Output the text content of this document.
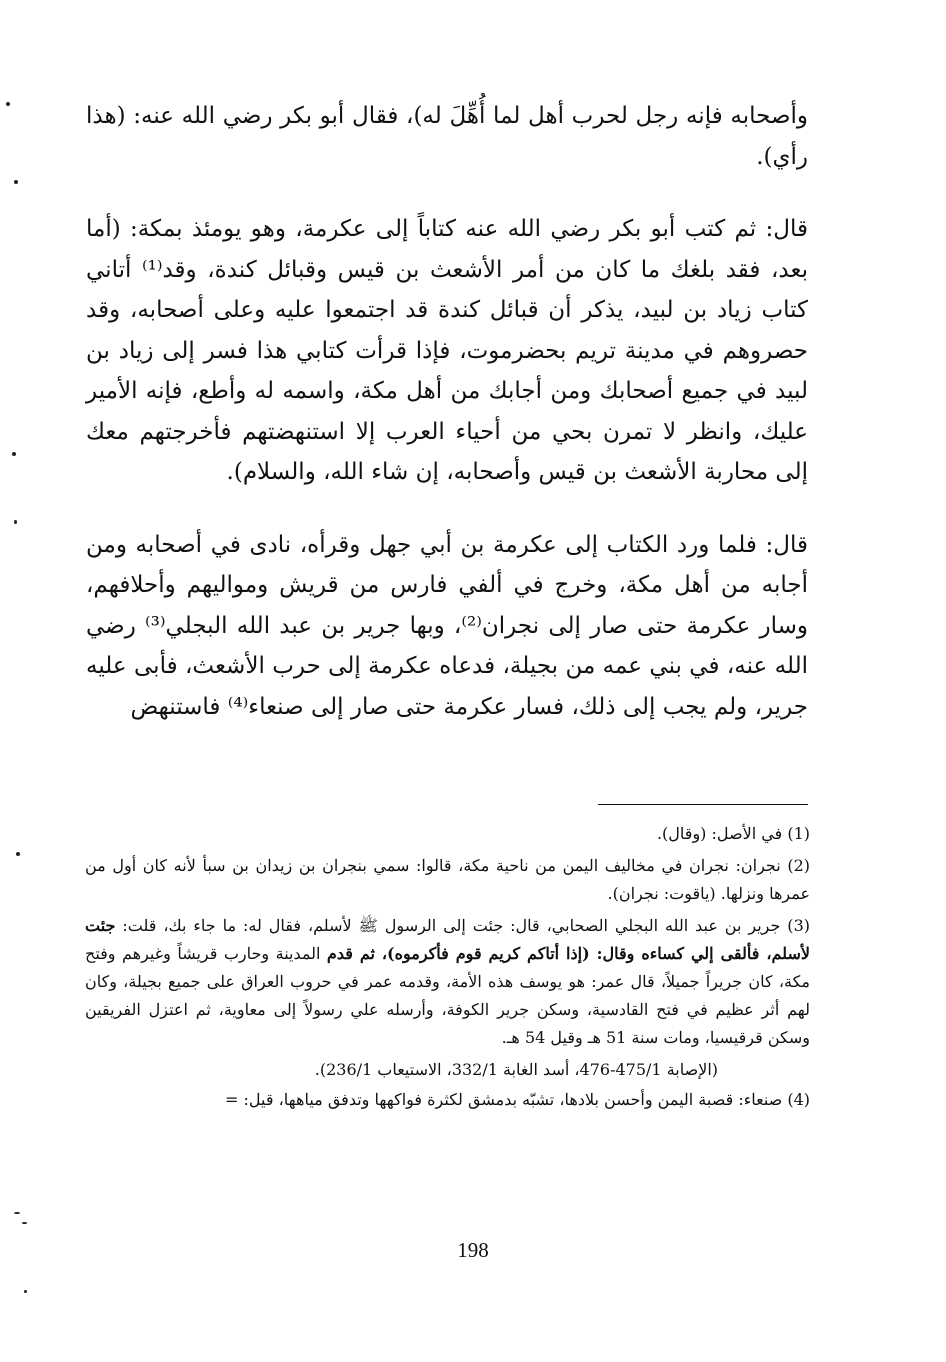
وأصحابه فإنه رجل لحرب أهل لما أُهِّلَ له)، فقال أبو بكر رضي الله عنه: (هذا رأي).

قال: ثم كتب أبو بكر رضي الله عنه كتاباً إلى عكرمة، وهو يومئذ بمكة: (أما بعد، فقد بلغك ما كان من أمر الأشعث بن قيس وقبائل كندة، وقد⁽¹⁾ أتاني كتاب زياد بن لبيد، يذكر أن قبائل كندة قد اجتمعوا عليه وعلى أصحابه، وقد حصروهم في مدينة تريم بحضرموت، فإذا قرأت كتابي هذا فسر إلى زياد بن لبيد في جميع أصحابك ومن أجابك من أهل مكة، واسمه له وأطع، فإنه الأمير عليك، وانظر لا تمرن بحي من أحياء العرب إلا استنهضتهم فأخرجتهم معك إلى محاربة الأشعث بن قيس وأصحابه، إن شاء الله، والسلام).

قال: فلما ورد الكتاب إلى عكرمة بن أبي جهل وقرأه، نادى في أصحابه ومن أجابه من أهل مكة، وخرج في ألفي فارس من قريش ومواليهم وأحلافهم، وسار عكرمة حتى صار إلى نجران⁽²⁾، وبها جرير بن عبد الله البجلي⁽³⁾ رضي الله عنه، في بني عمه من بجيلة، فدعاه عكرمة إلى حرب الأشعث، فأبى عليه جرير، ولم يجب إلى ذلك، فسار عكرمة حتى صار إلى صنعاء⁽⁴⁾ فاستنهض

(1) في الأصل: (وقال).

(2) نجران: نجران في مخاليف اليمن من ناحية مكة، قالوا: سمي بنجران بن زيدان بن سبأ لأنه كان أول من عمرها ونزلها. (ياقوت: نجران).

(3) جرير بن عبد الله البجلي الصحابي، قال: جئت إلى الرسول ﷺ لأسلم، فقال له: ما جاء بك، قلت: جئت لأسلم، فألقى إلي كساءه وقال: (إذا أتاكم كريم قوم فأكرموه)، ثم قدم المدينة وحارب قريشاً وغيرهم وفتح مكة، كان جريراً جميلاً، قال عمر: هو يوسف هذه الأمة، وقدمه عمر في حروب العراق على جميع بجيلة، وكان لهم أثر عظيم في فتح القادسية، وسكن جرير الكوفة، وأرسله علي رسولاً إلى معاوية، ثم اعتزل الفريقين وسكن قرقيسيا، ومات سنة 51 هـ وقيل 54 هـ.

(الإصابة 475/1-476، أسد الغابة 332/1، الاستيعاب 236/1).

(4) صنعاء: قصبة اليمن وأحسن بلادها، تشبّه بدمشق لكثرة فواكهها وتدفق مياهها، قيل: =

198
